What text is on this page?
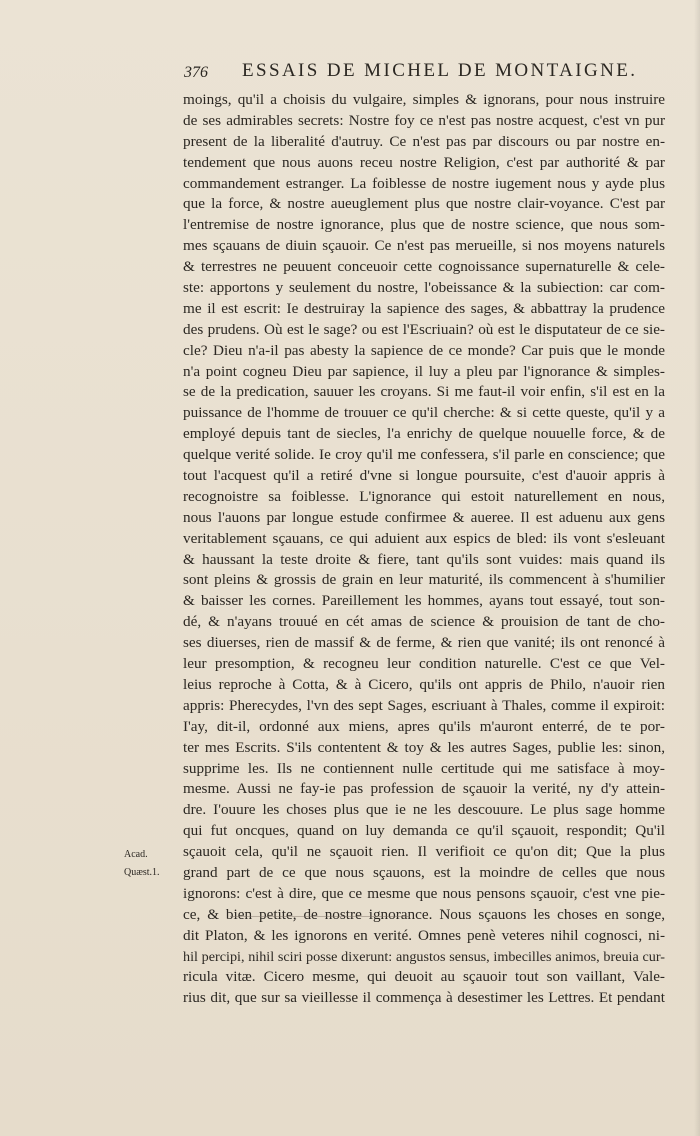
376 ESSAIS DE MICHEL DE MONTAIGNE.
moings, qu'il a choisis du vulgaire, simples & ignorans, pour nous instruire
de ses admirables secrets: Nostre foy ce n'est pas nostre acquest, c'est vn pur
present de la liberalité d'autruy. Ce n'est pas par discours ou par nostre en-
tendement que nous auons receu nostre Religion, c'est par authorité & par
commandement estranger. La foiblesse de nostre iugement nous y ayde plus
que la force, & nostre aueuglement plus que nostre clair-voyance. C'est par
l'entremise de nostre ignorance, plus que de nostre science, que nous som-
mes sçauans de diuin sçauoir. Ce n'est pas merueille, si nos moyens naturels
& terrestres ne peuuent conceuoir cette cognoissance supernaturelle & cele-
ste: apportons y seulement du nostre, l'obeissance & la subiection: car com-
me il est escrit: Ie destruiray la sapience des sages, & abbattray la prudence
des prudens. Où est le sage? ou est l'Escriuain? où est le disputateur de ce sie-
cle? Dieu n'a-il pas abesty la sapience de ce monde? Car puis que le monde
n'a point cogneu Dieu par sapience, il luy a pleu par l'ignorance & simples-
se de la predication, sauuer les croyans. Si me faut-il voir enfin, s'il est en la
puissance de l'homme de trouuer ce qu'il cherche: & si cette queste, qu'il y a
employé depuis tant de siecles, l'a enrichy de quelque nouuelle force, & de
quelque verité solide. Ie croy qu'il me confessera, s'il parle en conscience; que
tout l'acquest qu'il a retiré d'vne si longue poursuite, c'est d'auoir appris à
recognoistre sa foiblesse. L'ignorance qui estoit naturellement en nous,
nous l'auons par longue estude confirmee & aueree. Il est aduenu aux gens
veritablement sçauans, ce qui aduient aux espics de bled: ils vont s'esleuant
& haussant la teste droite & fiere, tant qu'ils sont vuides: mais quand ils
sont pleins & grossis de grain en leur maturité, ils commencent à s'humilier
& baisser les cornes. Pareillement les hommes, ayans tout essayé, tout son-
dé, & n'ayans trouué en cét amas de science & prouision de tant de cho-
ses diuerses, rien de massif & de ferme, & rien que vanité; ils ont renoncé à
leur presomption, & recogneu leur condition naturelle. C'est ce que Vel-
leius reproche à Cotta, & à Cicero, qu'ils ont appris de Philo, n'auoir rien
appris: Pherecydes, l'vn des sept Sages, escriuant à Thales, comme il expiroit:
I'ay, dit-il, ordonné aux miens, apres qu'ils m'auront enterré, de te por-
ter mes Escrits. S'ils contentent & toy & les autres Sages, publie les: sinon,
supprime les. Ils ne contiennent nulle certitude qui me satisface à moy-
mesme. Aussi ne fay-ie pas profession de sçauoir la verité, ny d'y attein-
dre. I'ouure les choses plus que ie ne les descouure. Le plus sage homme
qui fut oncques, quand on luy demanda ce qu'il sçauoit, respondit; Qu'il
sçauoit cela, qu'il ne sçauoit rien. Il verifioit ce qu'on dit; Que la plus
grand part de ce que nous sçauons, est la moindre de celles que nous
ignorons: c'est à dire, que ce mesme que nous pensons sçauoir, c'est vne pie-
ce, & bien petite, de nostre ignorance. Nous sçauons les choses en songe,
dit Platon, & les ignorons en verité. Omnes penè veteres nihil cognosci, ni-
hil percipi, nihil sciri posse dixerunt: angustos sensus, imbecilles animos, breuia cur-
ricula vitæ. Cicero mesme, qui deuoit au sçauoir tout son vaillant, Vale-
rius dit, que sur sa vieillesse il commença à desestimer les Lettres. Et pendant
Acad.
Quæst.1.
